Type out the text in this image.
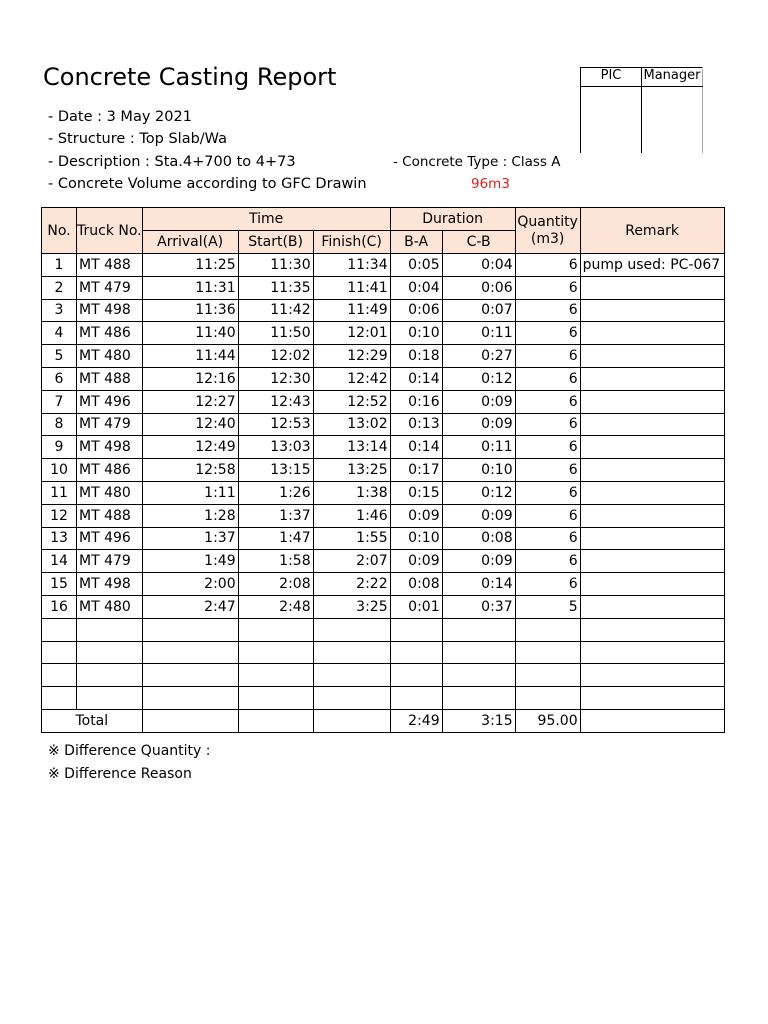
Concrete Casting Report	PIC	Manager

- Date : 3 May 2021
- Structure : Top Slab/Wa
- Description : Sta.4+700 to 4+73	- Concrete Type : Class A
- Concrete Volume according to GFC Drawin	96m3
No.	Truck No.	Time			Duration		Quantity (m3)	Remark
		Arrival(A)	Start(B)	Finish(C)	B-A	C-B		
1	MT 488	11:25	11:30	11:34	0:05	0:04	6	pump used: PC-067
2	MT 479	11:31	11:35	11:41	0:04	0:06	6	
3	MT 498	11:36	11:42	11:49	0:06	0:07	6	
4	MT 486	11:40	11:50	12:01	0:10	0:11	6	
5	MT 480	11:44	12:02	12:29	0:18	0:27	6	
6	MT 488	12:16	12:30	12:42	0:14	0:12	6	
7	MT 496	12:27	12:43	12:52	0:16	0:09	6	
8	MT 479	12:40	12:53	13:02	0:13	0:09	6	
9	MT 498	12:49	13:03	13:14	0:14	0:11	6	
10	MT 486	12:58	13:15	13:25	0:17	0:10	6	
11	MT 480	1:11	1:26	1:38	0:15	0:12	6	
12	MT 488	1:28	1:37	1:46	0:09	0:09	6	
13	MT 496	1:37	1:47	1:55	0:10	0:08	6	
14	MT 479	1:49	1:58	2:07	0:09	0:09	6	
15	MT 498	2:00	2:08	2:22	0:08	0:14	6	
16	MT 480	2:47	2:48	3:25	0:01	0:37	5	

Total					2:49	3:15	95.00	
※ Difference Quantity :
※ Difference Reason
